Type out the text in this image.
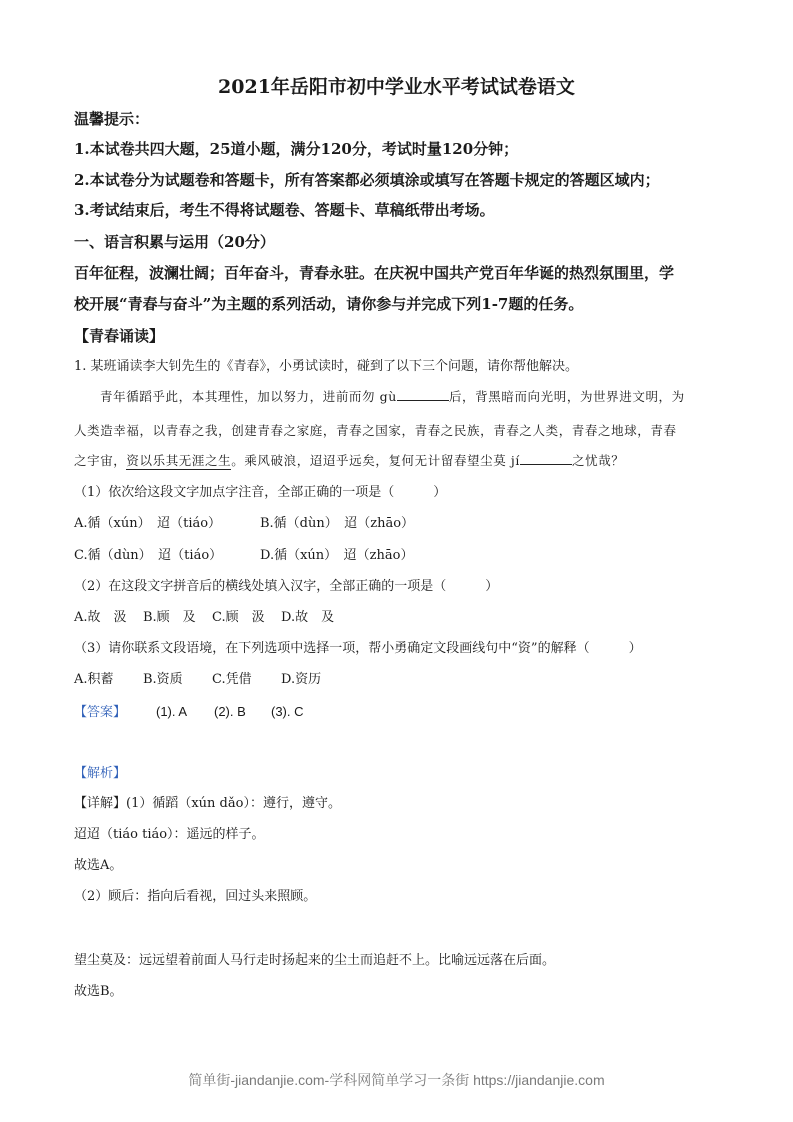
2021年岳阳市初中学业水平考试试卷语文
温馨提示：
1.本试卷共四大题，25道小题，满分120分，考试时量120分钟；
2.本试卷分为试题卷和答题卡，所有答案都必须填涂或填写在答题卡规定的答题区域内；
3.考试结束后，考生不得将试题卷、答题卡、草稿纸带出考场。
一、语言积累与运用（20分）
百年征程，波澜壮阔；百年奋斗，青春永驻。在庆祝中国共产党百年华诞的热烈氛围里，学
校开展“青春与奋斗”为主题的系列活动，请你参与并完成下列1-7题的任务。
【青春诵读】
1. 某班诵读李大钊先生的《青春》，小勇试读时，碰到了以下三个问题，请你帮他解决。
青年循蹈乎此，本其理性，加以努力，进前而勿 gù	后，背黑暗而向光明，为世界进文明，为
人类造幸福，以青春之我，创建青春之家庭，青春之国家，青春之民族，青春之人类，青春之地球，青春
之宇宙，资以乐其无涯之生。乘风破浪，迢迢乎远矣，复何无计留春望尘莫 jí	之忧哉？
（1）依次给这段文字加点字注音，全部正确的一项是（　　　）
A.循（xún）　迢（tiáo）	B.循（dùn）　迢（zhāo）
C.循（dùn）　迢（tiáo）	D.循（xún）　迢（zhāo）
（2）在这段文字拼音后的横线处填入汉字，全部正确的一项是（　　　）
A.故　汲 B.顾　及 C.顾　汲 D.故　及
（3）请你联系文段语境，在下列选项中选择一项，帮小勇确定文段画线句中“资”的解释（　　　）
A.积蓄 B.资质 C.凭借 D.资历
【答案】 (1). A (2). B (3). C
【解析】
【详解】(1）循蹈（xún dǎo）：遵行，遵守。
迢迢（tiáo tiáo）：遥远的样子。
故选A。
（2）顾后：指向后看视，回过头来照顾。
望尘莫及：远远望着前面人马行走时扬起来的尘土而追赶不上。比喻远远落在后面。
故选B。
简单街-jiandanjie.com-学科网简单学习一条街 https://jiandanjie.com
